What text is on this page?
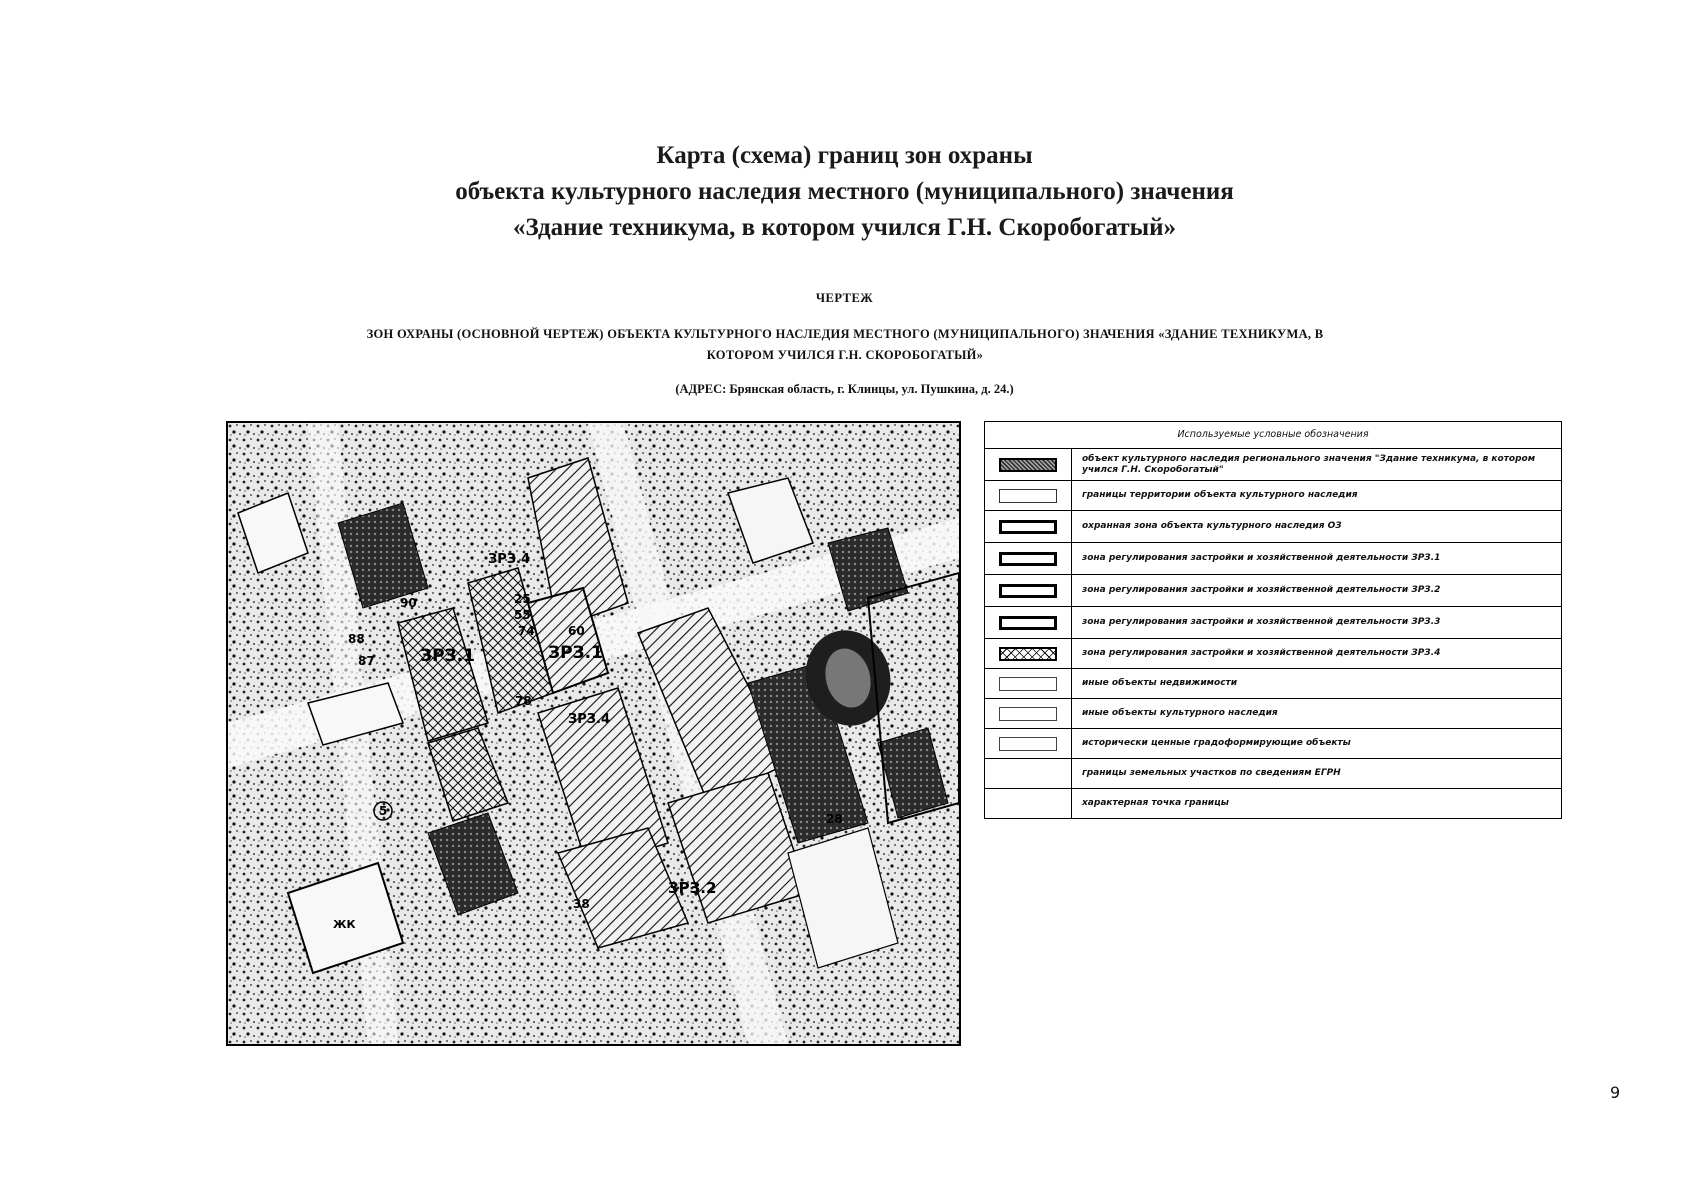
Карта (схема) границ зон охраны
объекта культурного наследия местного (муниципального) значения
«Здание техникума, в котором учился Г.Н. Скоробогатый»
ЧЕРТЕЖ
ЗОН ОХРАНЫ (ОСНОВНОЙ ЧЕРТЕЖ) ОБЪЕКТА КУЛЬТУРНОГО НАСЛЕДИЯ МЕСТНОГО (МУНИЦИПАЛЬНОГО) ЗНАЧЕНИЯ «ЗДАНИЕ ТЕХНИКУМА, В
КОТОРОМ УЧИЛСЯ Г.Н. СКОРОБОГАТЫЙ»
(АДРЕС: Брянская область, г. Клинцы, ул. Пушкина, д. 24.)
ЗРЗ.1	ЗРЗ.1
ЗРЗ.4
ЗРЗ.2
ЗРЗ.4
25
55
74	60
88
87
90
78
5
28
38
ЖК
Используемые условные обозначения
объект культурного наследия регионального значения "Здание техникума, в котором учился Г.Н. Скоробогатый"
границы территории объекта культурного наследия
охранная зона объекта культурного наследия ОЗ
зона регулирования застройки и хозяйственной деятельности ЗРЗ.1
зона регулирования застройки и хозяйственной деятельности ЗРЗ.2
зона регулирования застройки и хозяйственной деятельности ЗРЗ.3
зона регулирования застройки и хозяйственной деятельности ЗРЗ.4
иные объекты недвижимости
иные объекты культурного наследия
исторически ценные градоформирующие объекты
границы земельных участков по сведениям ЕГРН
характерная точка границы
9
